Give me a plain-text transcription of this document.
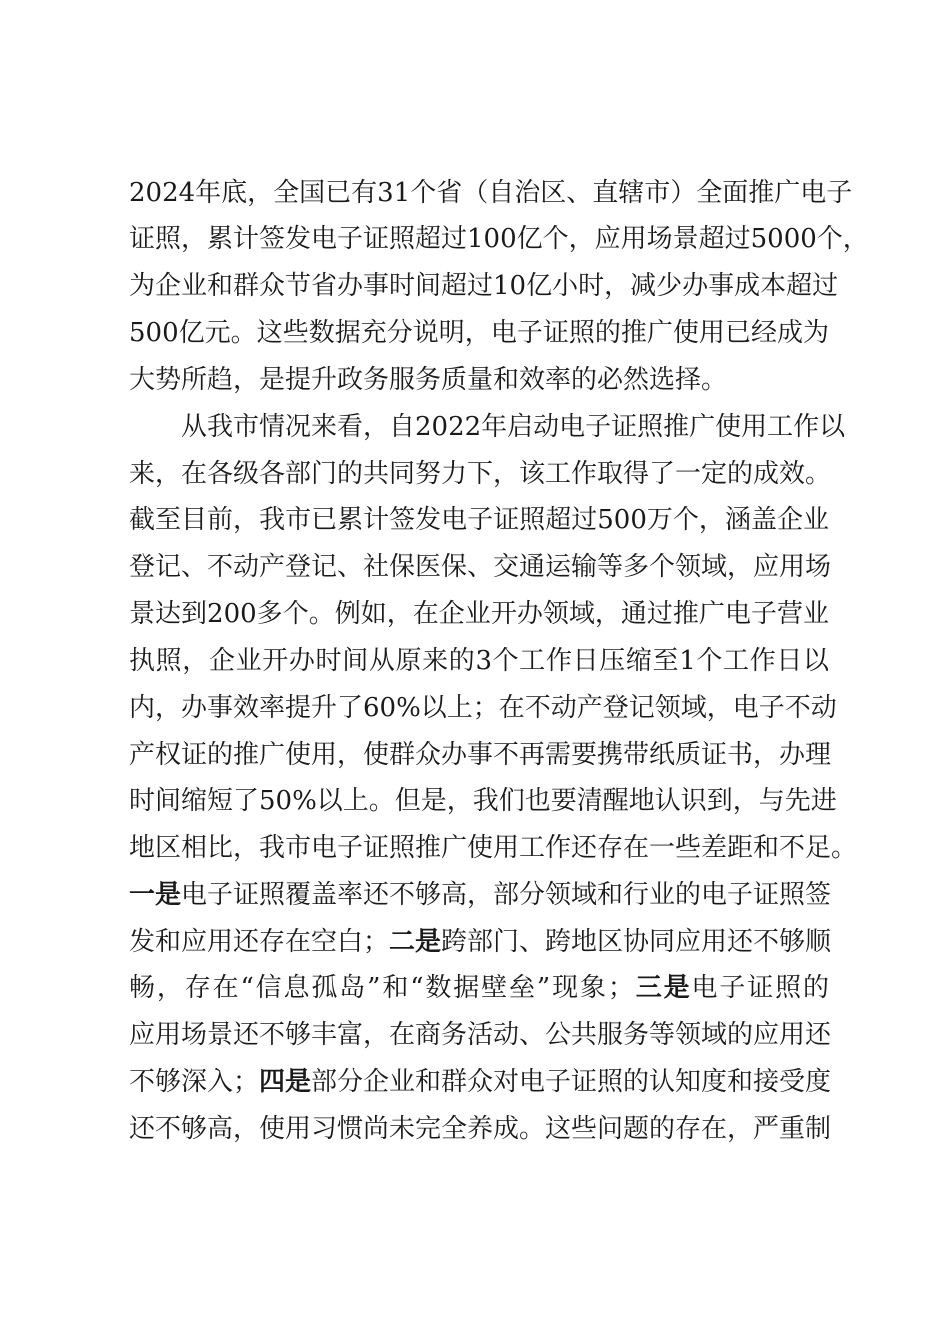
2024年底，全国已有31个省（自治区、直辖市）全面推广电子
证照，累计签发电子证照超过100亿个，应用场景超过5000个，
为企业和群众节省办事时间超过10亿小时，减少办事成本超过
500亿元。这些数据充分说明，电子证照的推广使用已经成为
大势所趋，是提升政务服务质量和效率的必然选择。
从我市情况来看，自2022年启动电子证照推广使用工作以
来，在各级各部门的共同努力下，该工作取得了一定的成效。
截至目前，我市已累计签发电子证照超过500万个，涵盖企业
登记、不动产登记、社保医保、交通运输等多个领域，应用场
景达到200多个。例如，在企业开办领域，通过推广电子营业
执照，企业开办时间从原来的3个工作日压缩至1个工作日以
内，办事效率提升了60%以上；在不动产登记领域，电子不动
产权证的推广使用，使群众办事不再需要携带纸质证书，办理
时间缩短了50%以上。但是，我们也要清醒地认识到，与先进
地区相比，我市电子证照推广使用工作还存在一些差距和不足。
一是电子证照覆盖率还不够高，部分领域和行业的电子证照签
发和应用还存在空白；二是跨部门、跨地区协同应用还不够顺
畅，存在“信息孤岛”和“数据壁垒”现象；三是电子证照的
应用场景还不够丰富，在商务活动、公共服务等领域的应用还
不够深入；四是部分企业和群众对电子证照的认知度和接受度
还不够高，使用习惯尚未完全养成。这些问题的存在，严重制
